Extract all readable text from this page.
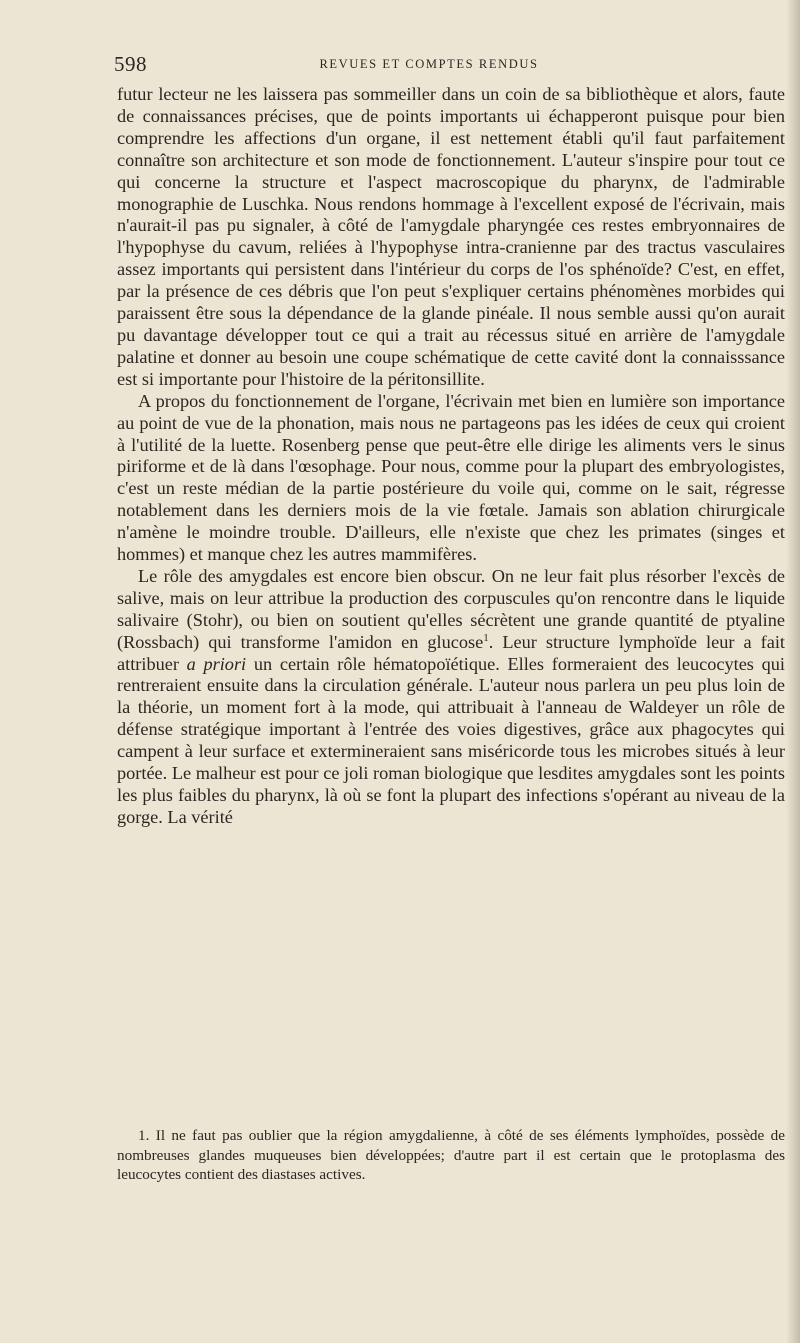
598	REVUES ET COMPTES RENDUS

futur lecteur ne les laissera pas sommeiller dans un coin de sa bibliothèque et alors, faute de connaissances précises, que de points importants ui échapperont puisque pour bien comprendre les affections d'un organe, il est nettement établi qu'il faut parfaitement connaître son architecture et son mode de fonctionnement. L'auteur s'inspire pour tout ce qui concerne la structure et l'aspect macroscopique du pharynx, de l'admirable monographie de Luschka. Nous rendons hommage à l'excellent exposé de l'écrivain, mais n'aurait-il pas pu signaler, à côté de l'amygdale pharyngée ces restes embryonnaires de l'hypophyse du cavum, reliées à l'hypophyse intra-cranienne par des tractus vasculaires assez importants qui persistent dans l'intérieur du corps de l'os sphénoïde? C'est, en effet, par la présence de ces débris que l'on peut s'expliquer certains phénomènes morbides qui paraissent être sous la dépendance de la glande pinéale. Il nous semble aussi qu'on aurait pu davantage développer tout ce qui a trait au récessus situé en arrière de l'amygdale palatine et donner au besoin une coupe schématique de cette cavité dont la connaisssance est si importante pour l'histoire de la péritonsillite.

A propos du fonctionnement de l'organe, l'écrivain met bien en lumière son importance au point de vue de la phonation, mais nous ne partageons pas les idées de ceux qui croient à l'utilité de la luette. Rosenberg pense que peut-être elle dirige les aliments vers le sinus piriforme et de là dans l'œsophage. Pour nous, comme pour la plupart des embryologistes, c'est un reste médian de la partie postérieure du voile qui, comme on le sait, régresse notablement dans les derniers mois de la vie fœtale. Jamais son ablation chirurgicale n'amène le moindre trouble. D'ailleurs, elle n'existe que chez les primates (singes et hommes) et manque chez les autres mammifères.

Le rôle des amygdales est encore bien obscur. On ne leur fait plus résorber l'excès de salive, mais on leur attribue la production des corpuscules qu'on rencontre dans le liquide salivaire (Stohr), ou bien on soutient qu'elles sécrètent une grande quantité de ptyaline (Rossbach) qui transforme l'amidon en glucose$^1$. Leur structure lymphoïde leur a fait attribuer a priori un certain rôle hématopoïétique. Elles formeraient des leucocytes qui rentreraient ensuite dans la circulation générale. L'auteur nous parlera un peu plus loin de la théorie, un moment fort à la mode, qui attribuait à l'anneau de Waldeyer un rôle de défense stratégique important à l'entrée des voies digestives, grâce aux phagocytes qui campent à leur surface et extermineraient sans miséricorde tous les microbes situés à leur portée. Le malheur est pour ce joli roman biologique que lesdites amygdales sont les points les plus faibles du pharynx, là où se font la plupart des infections s'opérant au niveau de la gorge. La vérité

1. Il ne faut pas oublier que la région amygdalienne, à côté de ses éléments lymphoïdes, possède de nombreuses glandes muqueuses bien développées; d'autre part il est certain que le protoplasma des leucocytes contient des diastases actives.
